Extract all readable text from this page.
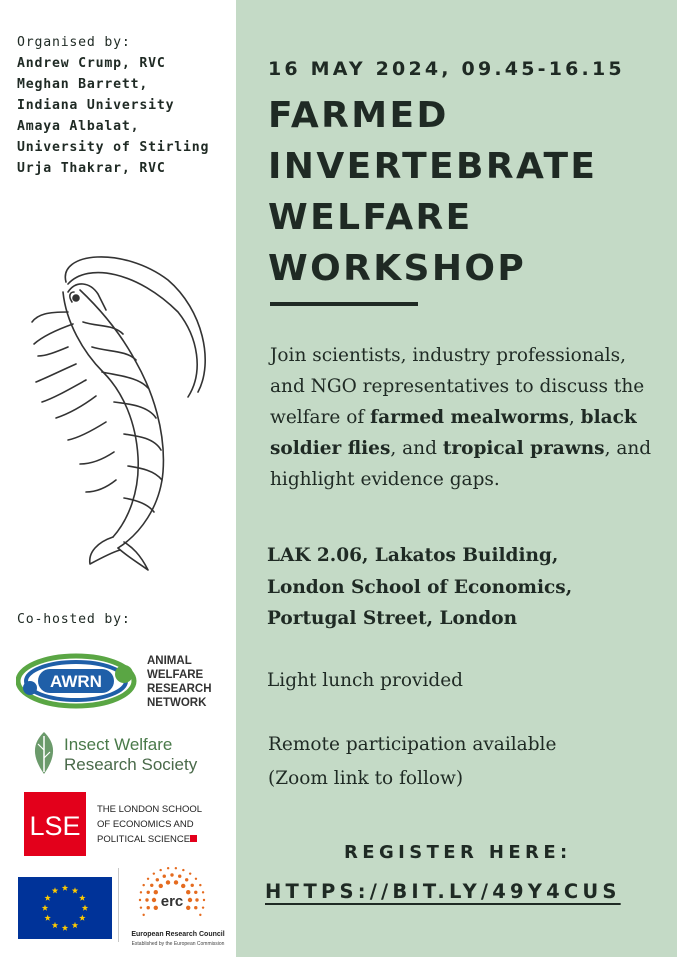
Organised by:
Andrew Crump, RVC
Meghan Barrett,
Indiana University
Amaya Albalat,
University of Stirling
Urja Thakrar, RVC
Co-hosted by:
AWRN
ANIMAL
WELFARE
RESEARCH
NETWORK
Insect Welfare
Research Society
LSE
THE LONDON SCHOOL
OF ECONOMICS AND
POLITICAL SCIENCE
erc
European Research Council
Established by the European Commission
16 MAY 2024, 09.45-16.15
FARMED
INVERTEBRATE
WELFARE
WORKSHOP
Join scientists, industry professionals, and NGO representatives to discuss the welfare of farmed mealworms, black soldier flies, and tropical prawns, and highlight evidence gaps.
LAK 2.06, Lakatos Building,
London School of Economics,
Portugal Street, London
Light lunch provided
Remote participation available
(Zoom link to follow)
REGISTER HERE:
HTTPS://BIT.LY/49Y4CUS
